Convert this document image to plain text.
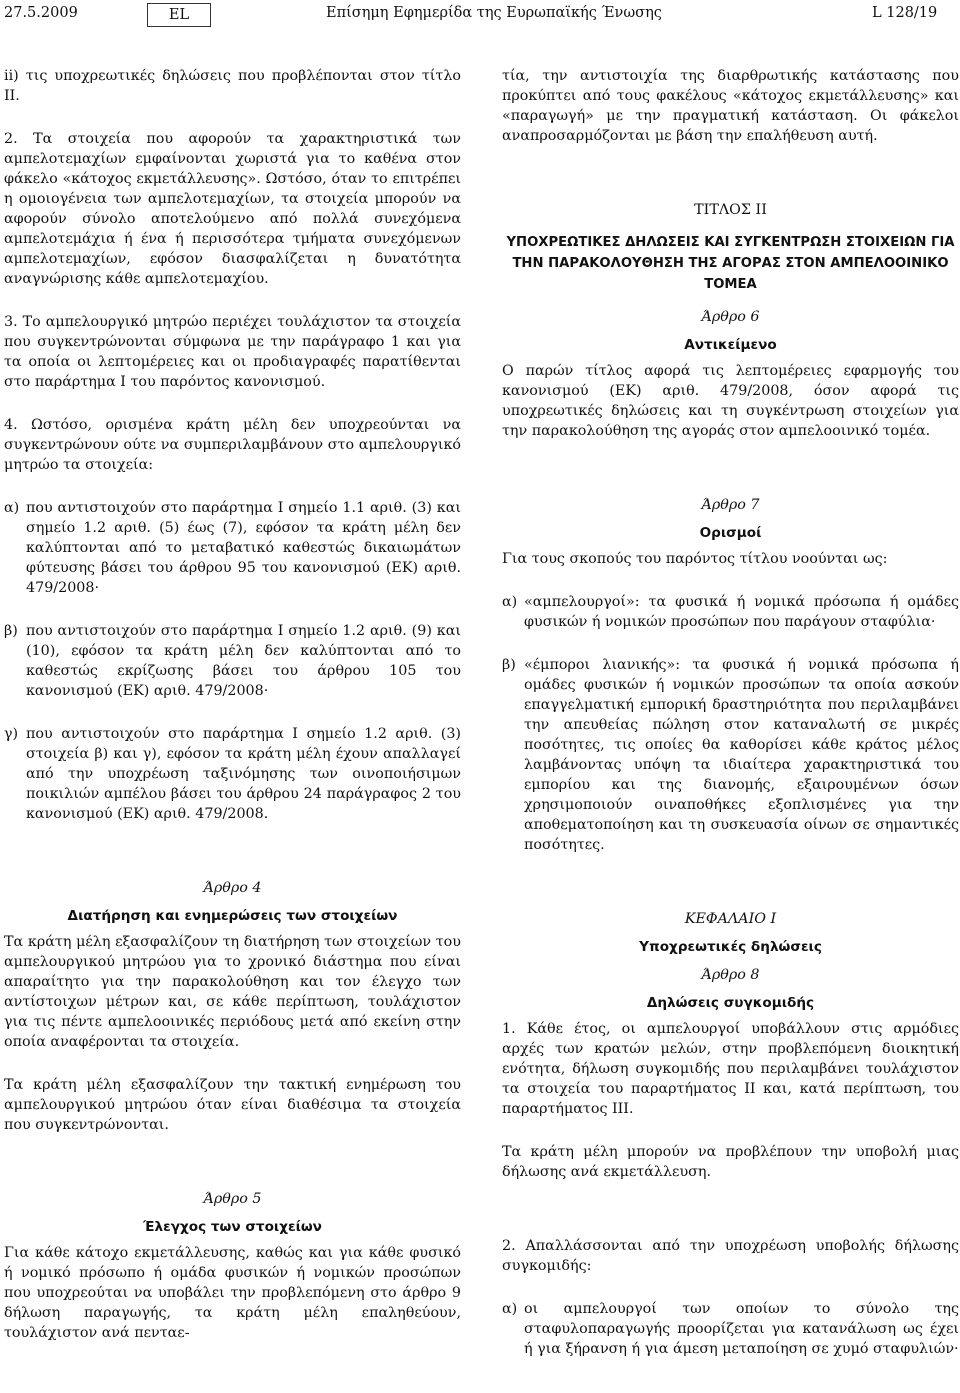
27.5.2009	EL	Επίσημη Εφημερίδα της Ευρωπαϊκής Ένωσης	L 128/19

ii) τις υποχρεωτικές δηλώσεις που προβλέπονται στον τίτλο ΙΙ.

2. Τα στοιχεία που αφορούν τα χαρακτηριστικά των αμπελοτεμαχίων εμφαίνονται χωριστά για το καθένα στον φάκελο «κάτοχος εκμετάλλευσης». Ωστόσο, όταν το επιτρέπει η ομοιογένεια των αμπελοτεμαχίων, τα στοιχεία μπορούν να αφορούν σύνολο αποτελούμενο από πολλά συνεχόμενα αμπελοτεμάχια ή ένα ή περισσότερα τμήματα συνεχόμενων αμπελοτεμαχίων, εφόσον διασφαλίζεται η δυνατότητα αναγνώρισης κάθε αμπελοτεμαχίου.

3. Το αμπελουργικό μητρώο περιέχει τουλάχιστον τα στοιχεία που συγκεντρώνονται σύμφωνα με την παράγραφο 1 και για τα οποία οι λεπτομέρειες και οι προδιαγραφές παρατίθενται στο παράρτημα Ι του παρόντος κανονισμού.

4. Ωστόσο, ορισμένα κράτη μέλη δεν υποχρεούνται να συγκεντρώνουν ούτε να συμπεριλαμβάνουν στο αμπελουργικό μητρώο τα στοιχεία:

α) που αντιστοιχούν στο παράρτημα Ι σημείο 1.1 αριθ. (3) και σημείο 1.2 αριθ. (5) έως (7), εφόσον τα κράτη μέλη δεν καλύπτονται από το μεταβατικό καθεστώς δικαιωμάτων φύτευσης βάσει του άρθρου 95 του κανονισμού (ΕΚ) αριθ. 479/2008·
β) που αντιστοιχούν στο παράρτημα Ι σημείο 1.2 αριθ. (9) και (10), εφόσον τα κράτη μέλη δεν καλύπτονται από το καθεστώς εκρίζωσης βάσει του άρθρου 105 του κανονισμού (ΕΚ) αριθ. 479/2008·
γ) που αντιστοιχούν στο παράρτημα Ι σημείο 1.2 αριθ. (3) στοιχεία β) και γ), εφόσον τα κράτη μέλη έχουν απαλλαγεί από την υποχρέωση ταξινόμησης των οινοποιήσιμων ποικιλιών αμπέλου βάσει του άρθρου 24 παράγραφος 2 του κανονισμού (ΕΚ) αριθ. 479/2008.

Άρθρο 4

Διατήρηση και ενημερώσεις των στοιχείων

Τα κράτη μέλη εξασφαλίζουν τη διατήρηση των στοιχείων του αμπελουργικού μητρώου για το χρονικό διάστημα που είναι απαραίτητο για την παρακολούθηση και τον έλεγχο των αντίστοιχων μέτρων και, σε κάθε περίπτωση, τουλάχιστον για τις πέντε αμπελοοινικές περιόδους μετά από εκείνη στην οποία αναφέρονται τα στοιχεία.

Τα κράτη μέλη εξασφαλίζουν την τακτική ενημέρωση του αμπελουργικού μητρώου όταν είναι διαθέσιμα τα στοιχεία που συγκεντρώνονται.

Άρθρο 5

Έλεγχος των στοιχείων

Για κάθε κάτοχο εκμετάλλευσης, καθώς και για κάθε φυσικό ή νομικό πρόσωπο ή ομάδα φυσικών ή νομικών προσώπων που υποχρεούται να υποβάλει την προβλεπόμενη στο άρθρο 9 δήλωση παραγωγής, τα κράτη μέλη επαληθεύουν, τουλάχιστον ανά πενταε-

τία, την αντιστοιχία της διαρθρωτικής κατάστασης που προκύπτει από τους φακέλους «κάτοχος εκμετάλλευσης» και «παραγωγή» με την πραγματική κατάσταση. Οι φάκελοι αναπροσαρμόζονται με βάση την επαλήθευση αυτή.

ΤΙΤΛΟΣ II

ΥΠΟΧΡΕΩΤΙΚΕΣ ΔΗΛΩΣΕΙΣ ΚΑΙ ΣΥΓΚΕΝΤΡΩΣΗ ΣΤΟΙΧΕΙΩΝ ΓΙΑ ΤΗΝ ΠΑΡΑΚΟΛΟΥΘΗΣΗ ΤΗΣ ΑΓΟΡΑΣ ΣΤΟΝ ΑΜΠΕΛΟΟΙΝΙΚΟ ΤΟΜΕΑ

Άρθρο 6

Αντικείμενο

Ο παρών τίτλος αφορά τις λεπτομέρειες εφαρμογής του κανονισμού (ΕΚ) αριθ. 479/2008, όσον αφορά τις υποχρεωτικές δηλώσεις και τη συγκέντρωση στοιχείων για την παρακολούθηση της αγοράς στον αμπελοοινικό τομέα.

Άρθρο 7

Ορισμοί

Για τους σκοπούς του παρόντος τίτλου νοούνται ως:

α) «αμπελουργοί»: τα φυσικά ή νομικά πρόσωπα ή ομάδες φυσικών ή νομικών προσώπων που παράγουν σταφύλια·
β) «έμποροι λιανικής»: τα φυσικά ή νομικά πρόσωπα ή ομάδες φυσικών ή νομικών προσώπων τα οποία ασκούν επαγγελματική εμπορική δραστηριότητα που περιλαμβάνει την απευθείας πώληση στον καταναλωτή σε μικρές ποσότητες, τις οποίες θα καθορίσει κάθε κράτος μέλος λαμβάνοντας υπόψη τα ιδιαίτερα χαρακτηριστικά του εμπορίου και της διανομής, εξαιρουμένων όσων χρησιμοποιούν οιναποθήκες εξοπλισμένες για την αποθεματοποίηση και τη συσκευασία οίνων σε σημαντικές ποσότητες.

ΚΕΦΑΛΑΙΟ Ι

Υποχρεωτικές δηλώσεις

Άρθρο 8

Δηλώσεις συγκομιδής

1. Κάθε έτος, οι αμπελουργοί υποβάλλουν στις αρμόδιες αρχές των κρατών μελών, στην προβλεπόμενη διοικητική ενότητα, δήλωση συγκομιδής που περιλαμβάνει τουλάχιστον τα στοιχεία του παραρτήματος ΙΙ και, κατά περίπτωση, του παραρτήματος ΙΙΙ.

Τα κράτη μέλη μπορούν να προβλέπουν την υποβολή μιας δήλωσης ανά εκμετάλλευση.

2. Απαλλάσσονται από την υποχρέωση υποβολής δήλωσης συγκομιδής:

α) οι αμπελουργοί των οποίων το σύνολο της σταφυλοπαραγωγής προορίζεται για κατανάλωση ως έχει ή για ξήρανση ή για άμεση μεταποίηση σε χυμό σταφυλιών·
